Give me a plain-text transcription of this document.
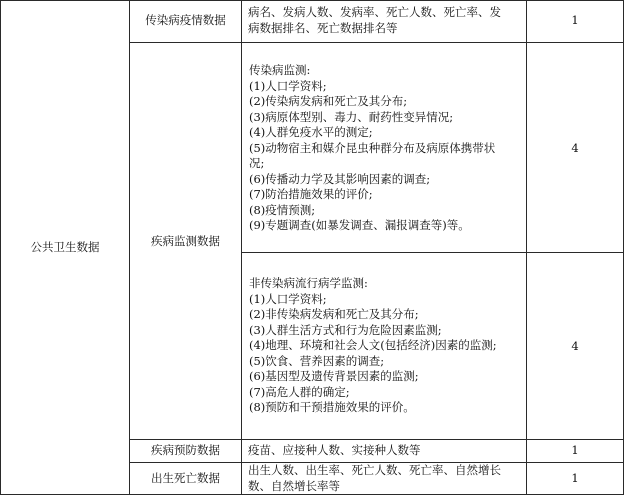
公共卫生数据
传染病疫情数据
病名、发病人数、发病率、死亡人数、死亡率、发
病数据排名、死亡数据排名等
1
疾病监测数据
传染病监测:
(1)人口学资料;
(2)传染病发病和死亡及其分布;
(3)病原体型别、毒力、耐药性变异情况;
(4)人群免疫水平的测定;
(5)动物宿主和媒介昆虫种群分布及病原体携带状
况;
(6)传播动力学及其影响因素的调查;
(7)防治措施效果的评价;
(8)疫情预测;
(9)专题调查(如暴发调查、漏报调查等)等。
4
非传染病流行病学监测:
(1)人口学资料;
(2)非传染病发病和死亡及其分布;
(3)人群生活方式和行为危险因素监测;
(4)地理、环境和社会人文(包括经济)因素的监测;
(5)饮食、营养因素的调查;
(6)基因型及遗传背景因素的监测;
(7)高危人群的确定;
(8)预防和干预措施效果的评价。
4
疾病预防数据	疫苗、应接种人数、实接种人数等	1
出生死亡数据
出生人数、出生率、死亡人数、死亡率、自然增长
数、自然增长率等
1
